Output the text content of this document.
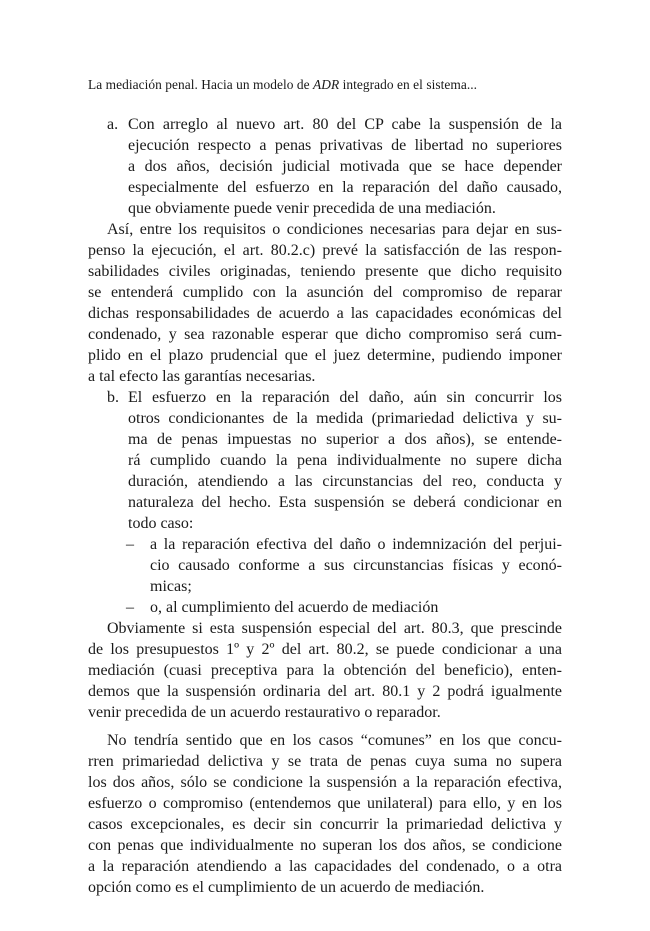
La mediación penal. Hacia un modelo de ADR integrado en el sistema...
a. Con arreglo al nuevo art. 80 del CP cabe la suspensión de la
ejecución respecto a penas privativas de libertad no superiores
a dos años, decisión judicial motivada que se hace depender
especialmente del esfuerzo en la reparación del daño causado,
que obviamente puede venir precedida de una mediación.
Así, entre los requisitos o condiciones necesarias para dejar en sus-
penso la ejecución, el art. 80.2.c) prevé la satisfacción de las respon-
sabilidades civiles originadas, teniendo presente que dicho requisito
se entenderá cumplido con la asunción del compromiso de reparar
dichas responsabilidades de acuerdo a las capacidades económicas del
condenado, y sea razonable esperar que dicho compromiso será cum-
plido en el plazo prudencial que el juez determine, pudiendo imponer
a tal efecto las garantías necesarias.
b. El esfuerzo en la reparación del daño, aún sin concurrir los
otros condicionantes de la medida (primariedad delictiva y su-
ma de penas impuestas no superior a dos años), se entende-
rá cumplido cuando la pena individualmente no supere dicha
duración, atendiendo a las circunstancias del reo, conducta y
naturaleza del hecho. Esta suspensión se deberá condicionar en
todo caso:
– a la reparación efectiva del daño o indemnización del perjui-
cio causado conforme a sus circunstancias físicas y econó-
micas;
– o, al cumplimiento del acuerdo de mediación
Obviamente si esta suspensión especial del art. 80.3, que prescinde
de los presupuestos 1º y 2º del art. 80.2, se puede condicionar a una
mediación (cuasi preceptiva para la obtención del beneficio), enten-
demos que la suspensión ordinaria del art. 80.1 y 2 podrá igualmente
venir precedida de un acuerdo restaurativo o reparador.
No tendría sentido que en los casos “comunes” en los que concu-
rren primariedad delictiva y se trata de penas cuya suma no supera
los dos años, sólo se condicione la suspensión a la reparación efectiva,
esfuerzo o compromiso (entendemos que unilateral) para ello, y en los
casos excepcionales, es decir sin concurrir la primariedad delictiva y
con penas que individualmente no superan los dos años, se condicione
a la reparación atendiendo a las capacidades del condenado, o a otra
opción como es el cumplimiento de un acuerdo de mediación.
